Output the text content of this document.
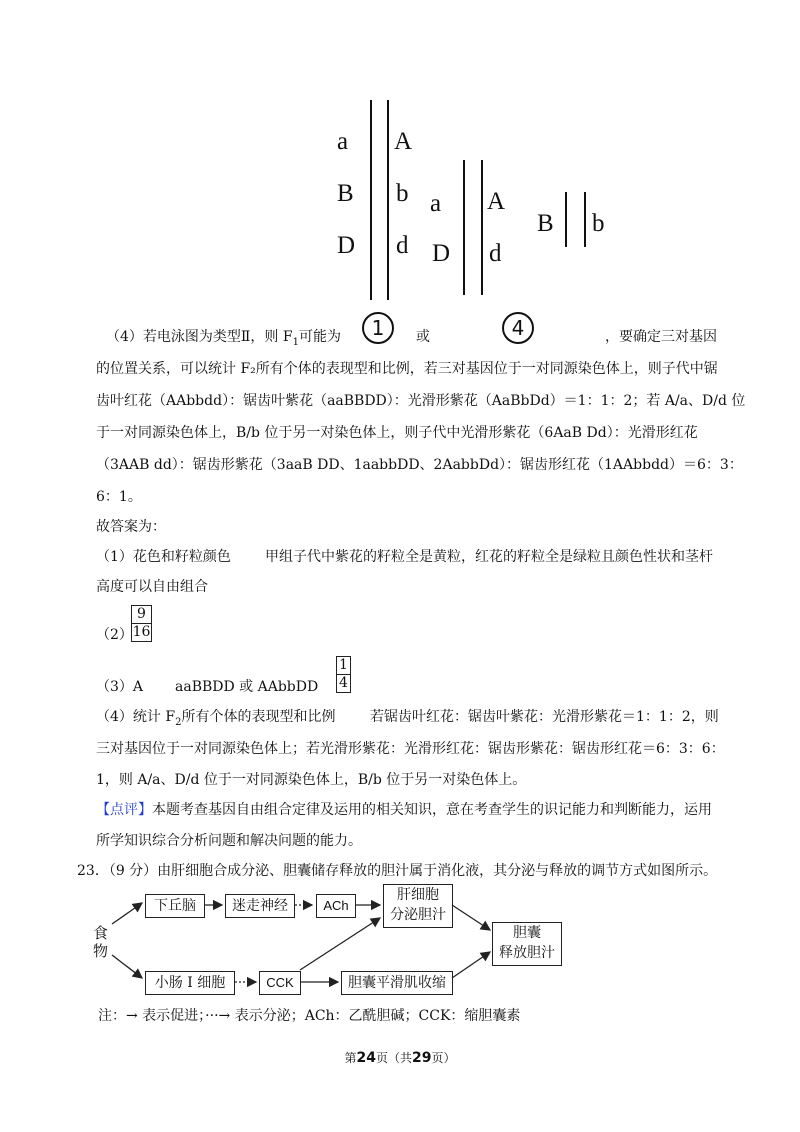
a
B
D
A
b
d
a
D
A
d
B b
（4）若电泳图为类型Ⅱ，则 $F_1$可能为	1	或	4	，要确定三对基因
的位置关系，可以统计 F₂所有个体的表现型和比例，若三对基因位于一对同源染色体上，则子代中锯
齿叶红花（AAbbdd）：锯齿叶紫花（aaBBDD）：光滑形紫花（AaBbDd）＝1：1：2；若 A/a、D/d 位
于一对同源染色体上，B/b 位于另一对染色体上，则子代中光滑形紫花（6AaB Dd）：光滑形红花
（3AAB dd）：锯齿形紫花（3aaB DD、1aabbDD、2AabbDd）：锯齿形红花（1AAbbdd）＝6：3：
6：1。
故答案为：
（1）花色和籽粒颜色	甲组子代中紫花的籽粒全是黄粒，红花的籽粒全是绿粒且颜色性状和茎杆
高度可以自由组合
（2）
9
16
（3）A	aaBBDD 或 AAbbDD
1
4
（4）统计 $F_2$所有个体的表现型和比例	若锯齿叶红花：锯齿叶紫花：光滑形紫花＝1：1：2，则
三对基因位于一对同源染色体上；若光滑形紫花：光滑形红花：锯齿形紫花：锯齿形红花＝6：3：6：
1，则 A/a、D/d 位于一对同源染色体上，B/b 位于另一对染色体上。
【点评】本题考查基因自由组合定律及运用的相关知识，意在考查学生的识记能力和判断能力，运用
所学知识综合分析问题和解决问题的能力。
23．（9 分）由肝细胞合成分泌、胆囊储存释放的胆汁属于消化液，其分泌与释放的调节方式如图所示。
食
物
下丘脑	迷走神经	ACh
肝细胞
分泌胆汁
胆囊
释放胆汁
小肠 I 细胞	CCK	胆囊平滑肌收缩
注：→ 表示促进；···→ 表示分泌；ACh：乙酰胆碱；CCK：缩胆囊素
第24页（共29页）
